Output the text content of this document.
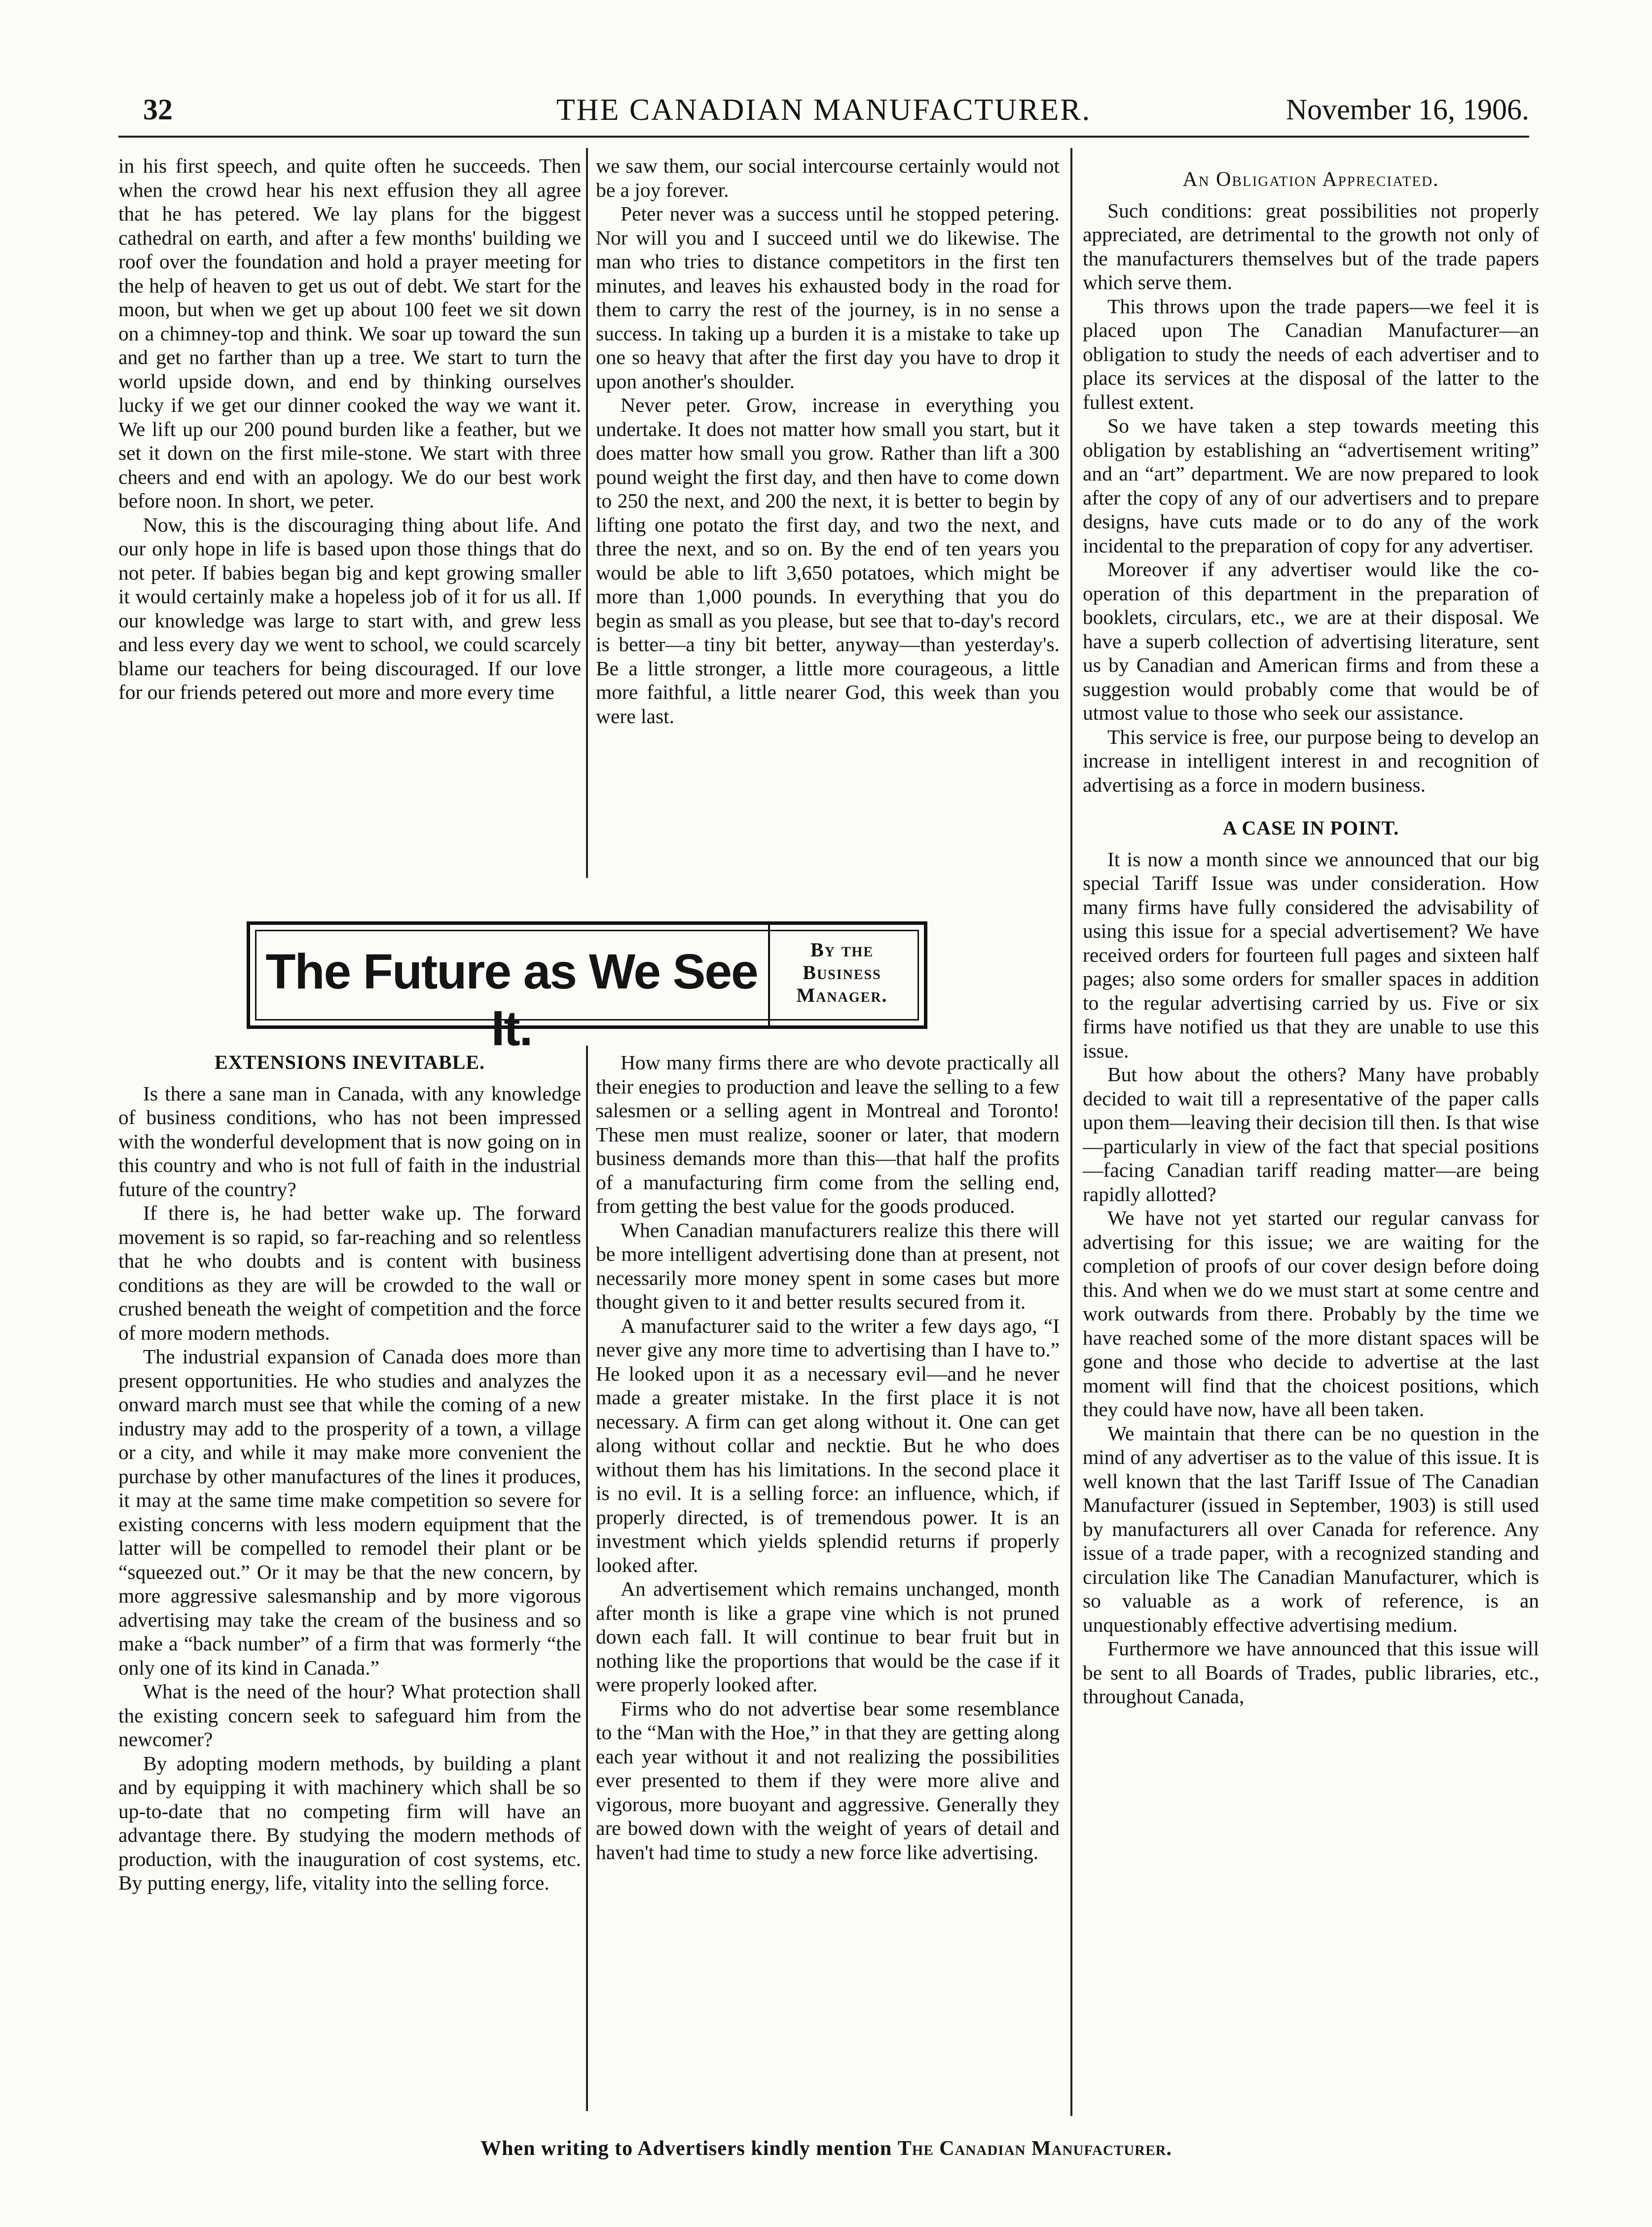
32	THE CANADIAN MANUFACTURER.	November 16, 1906.

in his first speech, and quite often he succeeds. Then when the crowd hear his next effusion they all agree that he has petered. We lay plans for the biggest cathedral on earth, and after a few months' building we roof over the foundation and hold a prayer meeting for the help of heaven to get us out of debt. We start for the moon, but when we get up about 100 feet we sit down on a chimney-top and think. We soar up toward the sun and get no farther than up a tree. We start to turn the world upside down, and end by thinking ourselves lucky if we get our dinner cooked the way we want it. We lift up our 200 pound burden like a feather, but we set it down on the first mile-stone. We start with three cheers and end with an apology. We do our best work before noon. In short, we peter.

Now, this is the discouraging thing about life. And our only hope in life is based upon those things that do not peter. If babies began big and kept growing smaller it would certainly make a hopeless job of it for us all. If our knowledge was large to start with, and grew less and less every day we went to school, we could scarcely blame our teachers for being discouraged. If our love for our friends petered out more and more every time

we saw them, our social intercourse certainly would not be a joy forever.

Peter never was a success until he stopped petering. Nor will you and I succeed until we do likewise. The man who tries to distance competitors in the first ten minutes, and leaves his exhausted body in the road for them to carry the rest of the journey, is in no sense a success. In taking up a burden it is a mistake to take up one so heavy that after the first day you have to drop it upon another's shoulder.

Never peter. Grow, increase in everything you undertake. It does not matter how small you start, but it does matter how small you grow. Rather than lift a 300 pound weight the first day, and then have to come down to 250 the next, and 200 the next, it is better to begin by lifting one potato the first day, and two the next, and three the next, and so on. By the end of ten years you would be able to lift 3,650 potatoes, which might be more than 1,000 pounds. In everything that you do begin as small as you please, but see that to-day's record is better—a tiny bit better, anyway—than yesterday's. Be a little stronger, a little more courageous, a little more faithful, a little nearer God, this week than you were last.

The Future as We See It.
By the
Business
Manager.
EXTENSIONS INEVITABLE.

Is there a sane man in Canada, with any knowledge of business conditions, who has not been impressed with the wonderful development that is now going on in this country and who is not full of faith in the industrial future of the country?

If there is, he had better wake up. The forward movement is so rapid, so far-reaching and so relentless that he who doubts and is content with business conditions as they are will be crowded to the wall or crushed beneath the weight of competition and the force of more modern methods.

The industrial expansion of Canada does more than present opportunities. He who studies and analyzes the onward march must see that while the coming of a new industry may add to the prosperity of a town, a village or a city, and while it may make more convenient the purchase by other manufactures of the lines it produces, it may at the same time make competition so severe for existing concerns with less modern equipment that the latter will be compelled to remodel their plant or be “squeezed out.” Or it may be that the new concern, by more aggressive salesmanship and by more vigorous advertising may take the cream of the business and so make a “back number” of a firm that was formerly “the only one of its kind in Canada.”

What is the need of the hour? What protection shall the existing concern seek to safeguard him from the newcomer?

By adopting modern methods, by building a plant and by equipping it with machinery which shall be so up-to-date that no competing firm will have an advantage there. By studying the modern methods of production, with the inauguration of cost systems, etc. By putting energy, life, vitality into the selling force.

How many firms there are who devote practically all their enegies to production and leave the selling to a few salesmen or a selling agent in Montreal and Toronto! These men must realize, sooner or later, that modern business demands more than this—that half the profits of a manufacturing firm come from the selling end, from getting the best value for the goods produced.

When Canadian manufacturers realize this there will be more intelligent advertising done than at present, not necessarily more money spent in some cases but more thought given to it and better results secured from it.

A manufacturer said to the writer a few days ago, “I never give any more time to advertising than I have to.” He looked upon it as a necessary evil—and he never made a greater mistake. In the first place it is not necessary. A firm can get along without it. One can get along without collar and necktie. But he who does without them has his limitations. In the second place it is no evil. It is a selling force: an influence, which, if properly directed, is of tremendous power. It is an investment which yields splendid returns if properly looked after.

An advertisement which remains unchanged, month after month is like a grape vine which is not pruned down each fall. It will continue to bear fruit but in nothing like the proportions that would be the case if it were properly looked after.

Firms who do not advertise bear some resemblance to the “Man with the Hoe,” in that they are getting along each year without it and not realizing the possibilities ever presented to them if they were more alive and vigorous, more buoyant and aggressive. Generally they are bowed down with the weight of years of detail and haven't had time to study a new force like advertising.

An Obligation Appreciated.

Such conditions: great possibilities not properly appreciated, are detrimental to the growth not only of the manufacturers themselves but of the trade papers which serve them.

This throws upon the trade papers—we feel it is placed upon The Canadian Manufacturer—an obligation to study the needs of each advertiser and to place its services at the disposal of the latter to the fullest extent.

So we have taken a step towards meeting this obligation by establishing an “advertisement writing” and an “art” department. We are now prepared to look after the copy of any of our advertisers and to prepare designs, have cuts made or to do any of the work incidental to the preparation of copy for any advertiser.

Moreover if any advertiser would like the co-operation of this department in the preparation of booklets, circulars, etc., we are at their disposal. We have a superb collection of advertising literature, sent us by Canadian and American firms and from these a suggestion would probably come that would be of utmost value to those who seek our assistance.

This service is free, our purpose being to develop an increase in intelligent interest in and recognition of advertising as a force in modern business.

A CASE IN POINT.

It is now a month since we announced that our big special Tariff Issue was under consideration. How many firms have fully considered the advisability of using this issue for a special advertisement? We have received orders for fourteen full pages and sixteen half pages; also some orders for smaller spaces in addition to the regular advertising carried by us. Five or six firms have notified us that they are unable to use this issue.

But how about the others? Many have probably decided to wait till a representative of the paper calls upon them—leaving their decision till then. Is that wise—particularly in view of the fact that special positions—facing Canadian tariff reading matter—are being rapidly allotted?

We have not yet started our regular canvass for advertising for this issue; we are waiting for the completion of proofs of our cover design before doing this. And when we do we must start at some centre and work outwards from there. Probably by the time we have reached some of the more distant spaces will be gone and those who decide to advertise at the last moment will find that the choicest positions, which they could have now, have all been taken.

We maintain that there can be no question in the mind of any advertiser as to the value of this issue. It is well known that the last Tariff Issue of The Canadian Manufacturer (issued in September, 1903) is still used by manufacturers all over Canada for reference. Any issue of a trade paper, with a recognized standing and circulation like The Canadian Manufacturer, which is so valuable as a work of reference, is an unquestionably effective advertising medium.

Furthermore we have announced that this issue will be sent to all Boards of Trades, public libraries, etc., throughout Canada,

When writing to Advertisers kindly mention The Canadian Manufacturer.
